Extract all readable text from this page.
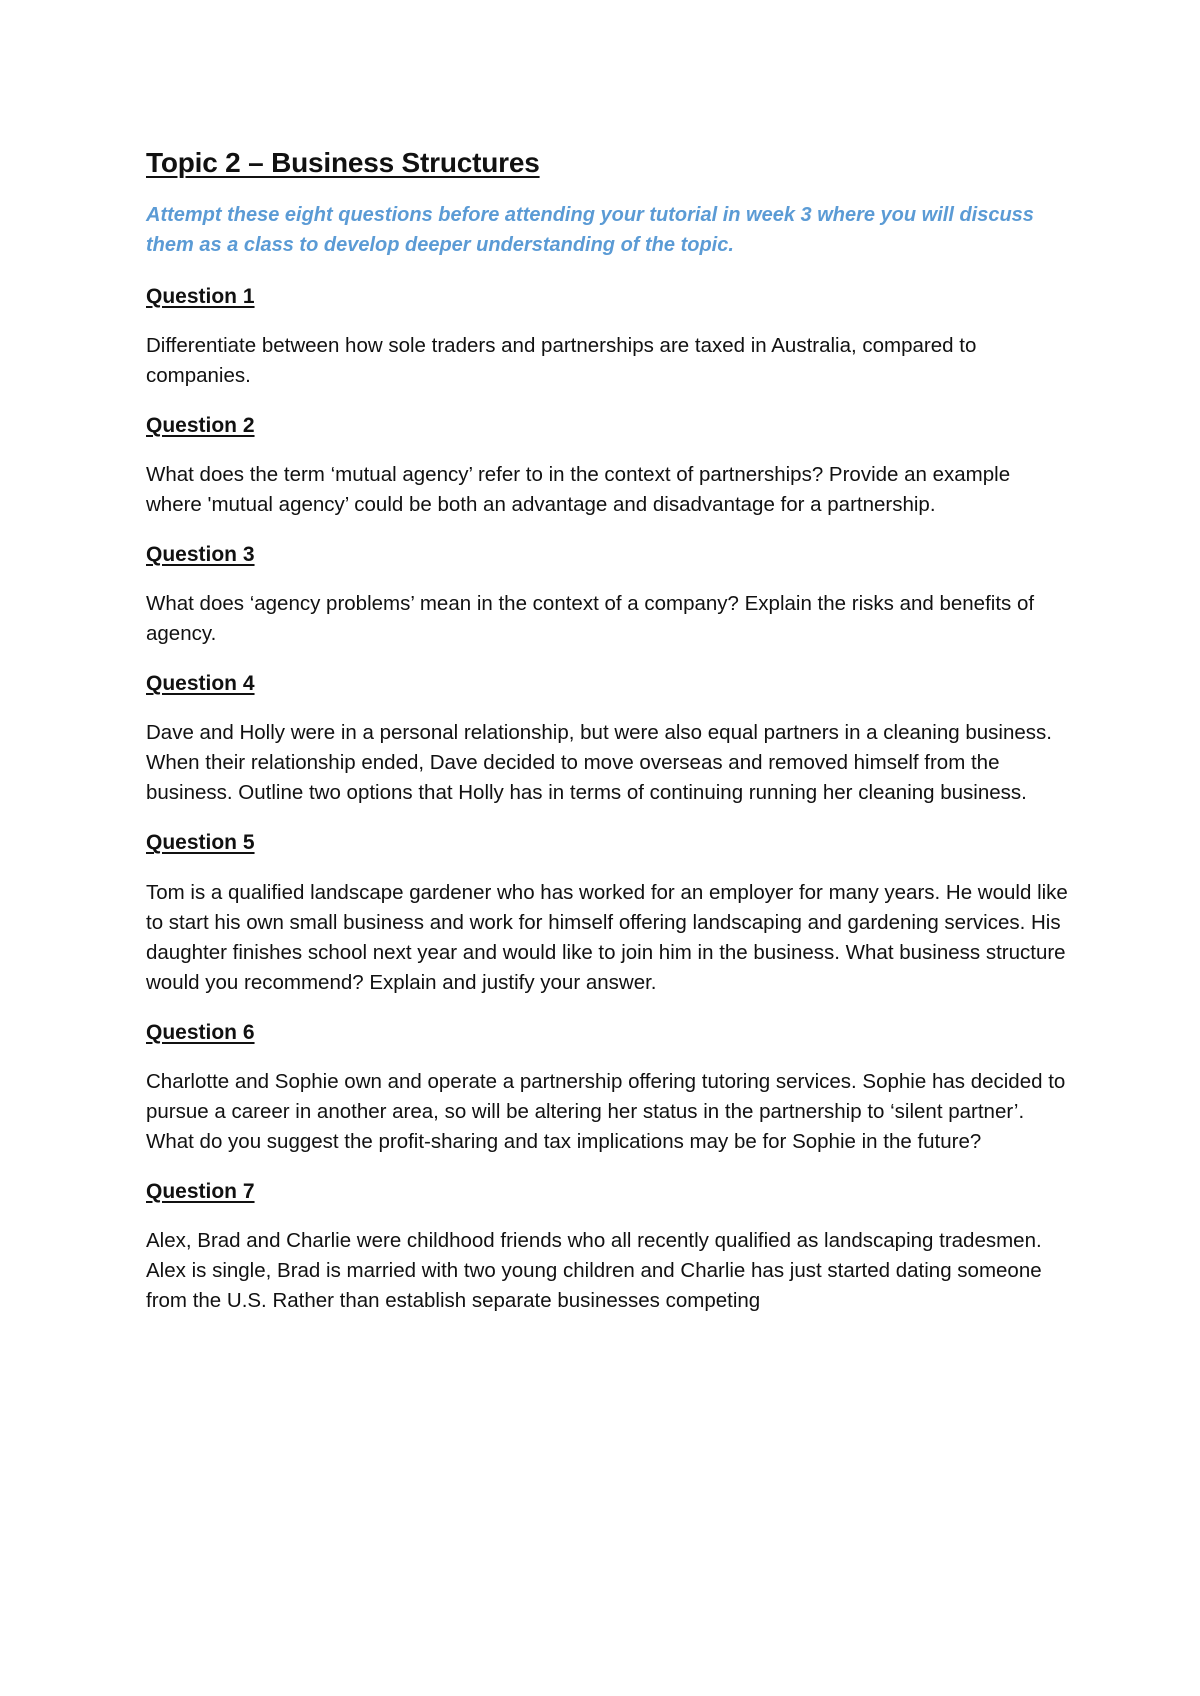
Topic 2 – Business Structures

Attempt these eight questions before attending your tutorial in week 3 where you will discuss them as a class to develop deeper understanding of the topic.

Question 1

Differentiate between how sole traders and partnerships are taxed in Australia, compared to companies.

Question 2

What does the term ‘mutual agency’ refer to in the context of partnerships? Provide an example where 'mutual agency’ could be both an advantage and disadvantage for a partnership.

Question 3

What does ‘agency problems’ mean in the context of a company? Explain the risks and benefits of agency.

Question 4

Dave and Holly were in a personal relationship, but were also equal partners in a cleaning business. When their relationship ended, Dave decided to move overseas and removed himself from the business. Outline two options that Holly has in terms of continuing running her cleaning business.

Question 5

Tom is a qualified landscape gardener who has worked for an employer for many years. He would like to start his own small business and work for himself offering landscaping and gardening services. His daughter finishes school next year and would like to join him in the business. What business structure would you recommend? Explain and justify your answer.

Question 6

Charlotte and Sophie own and operate a partnership offering tutoring services. Sophie has decided to pursue a career in another area, so will be altering her status in the partnership to ‘silent partner’. What do you suggest the profit-sharing and tax implications may be for Sophie in the future?

Question 7

Alex, Brad and Charlie were childhood friends who all recently qualified as landscaping tradesmen. Alex is single, Brad is married with two young children and Charlie has just started dating someone from the U.S. Rather than establish separate businesses competing
